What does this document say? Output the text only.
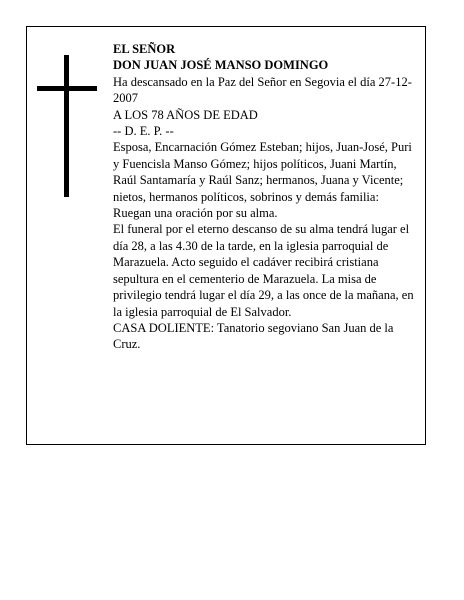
EL SEÑOR

DON JUAN JOSÉ MANSO DOMINGO

Ha descansado en la Paz del Señor en Segovia el día 27-12-2007

A LOS 78 AÑOS DE EDAD

-- D. E. P. --

Esposa, Encarnación Gómez Esteban; hijos, Juan-José, Puri y Fuencisla Manso Gómez; hijos políticos, Juani Martín, Raúl Santamaría y Raúl Sanz; hermanos, Juana y Vicente; nietos, hermanos políticos, sobrinos y demás familia:

Ruegan una oración por su alma.

El funeral por el eterno descanso de su alma tendrá lugar el día 28, a las 4.30 de la tarde, en la iglesia parroquial de Marazuela. Acto seguido el cadáver recibirá cristiana sepultura en el cementerio de Marazuela. La misa de privilegio tendrá lugar el día 29, a las once de la mañana, en la iglesia parroquial de El Salvador.

CASA DOLIENTE: Tanatorio segoviano San Juan de la Cruz.
